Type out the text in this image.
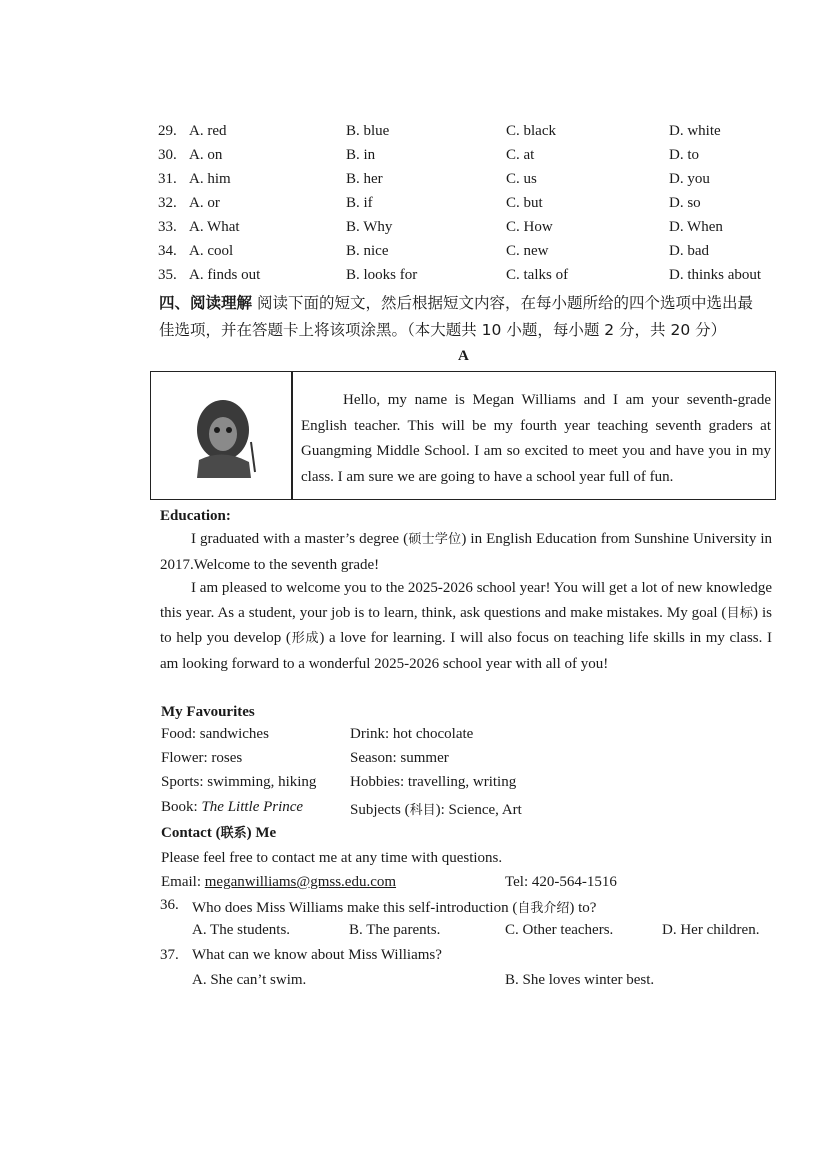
29. A. red	B. blue	C. black	D. white
30. A. on	B. in	C. at	D. to
31. A. him	B. her	C. us	D. you
32. A. or	B. if	C. but	D. so
33. A. What	B. Why	C. How	D. When
34. A. cool	B. nice	C. new	D. bad
35. A. finds out	B. looks for	C. talks of	D. thinks about
四、阅读理解 阅读下面的短文，然后根据短文内容，在每小题所给的四个选项中选出最
佳选项，并在答题卡上将该项涂黑。（本大题共 10 小题，每小题 2 分，共 20 分）
A
Hello, my name is Megan Williams and I am your seventh-grade English teacher. This will be my fourth year teaching seventh graders at Guangming Middle School. I am so excited to meet you and have you in my class. I am sure we are going to have a school year full of fun.
Education:
I graduated with a master’s degree (硕士学位) in English Education from Sunshine University in 2017.Welcome to the seventh grade!
I am pleased to welcome you to the 2025-2026 school year! You will get a lot of new knowledge this year. As a student, your job is to learn, think, ask questions and make mistakes. My goal (目标) is to help you develop (形成) a love for learning. I will also focus on teaching life skills in my class. I am looking forward to a wonderful 2025-2026 school year with all of you!
My Favourites
Food: sandwiches	Drink: hot chocolate
Flower: roses	Season: summer
Sports: swimming, hiking Hobbies: travelling, writing
Book: The Little Prince	Subjects (科目): Science, Art
Contact (联系) Me
Please feel free to contact me at any time with questions.
Email: meganwilliams@gmss.edu.com	Tel: 420-564-1516
36. Who does Miss Williams make this self-introduction (自我介绍) to?
A. The students.	B. The parents.	C. Other teachers.	D. Her children.
37. What can we know about Miss Williams?
A. She can’t swim.	B. She loves winter best.
